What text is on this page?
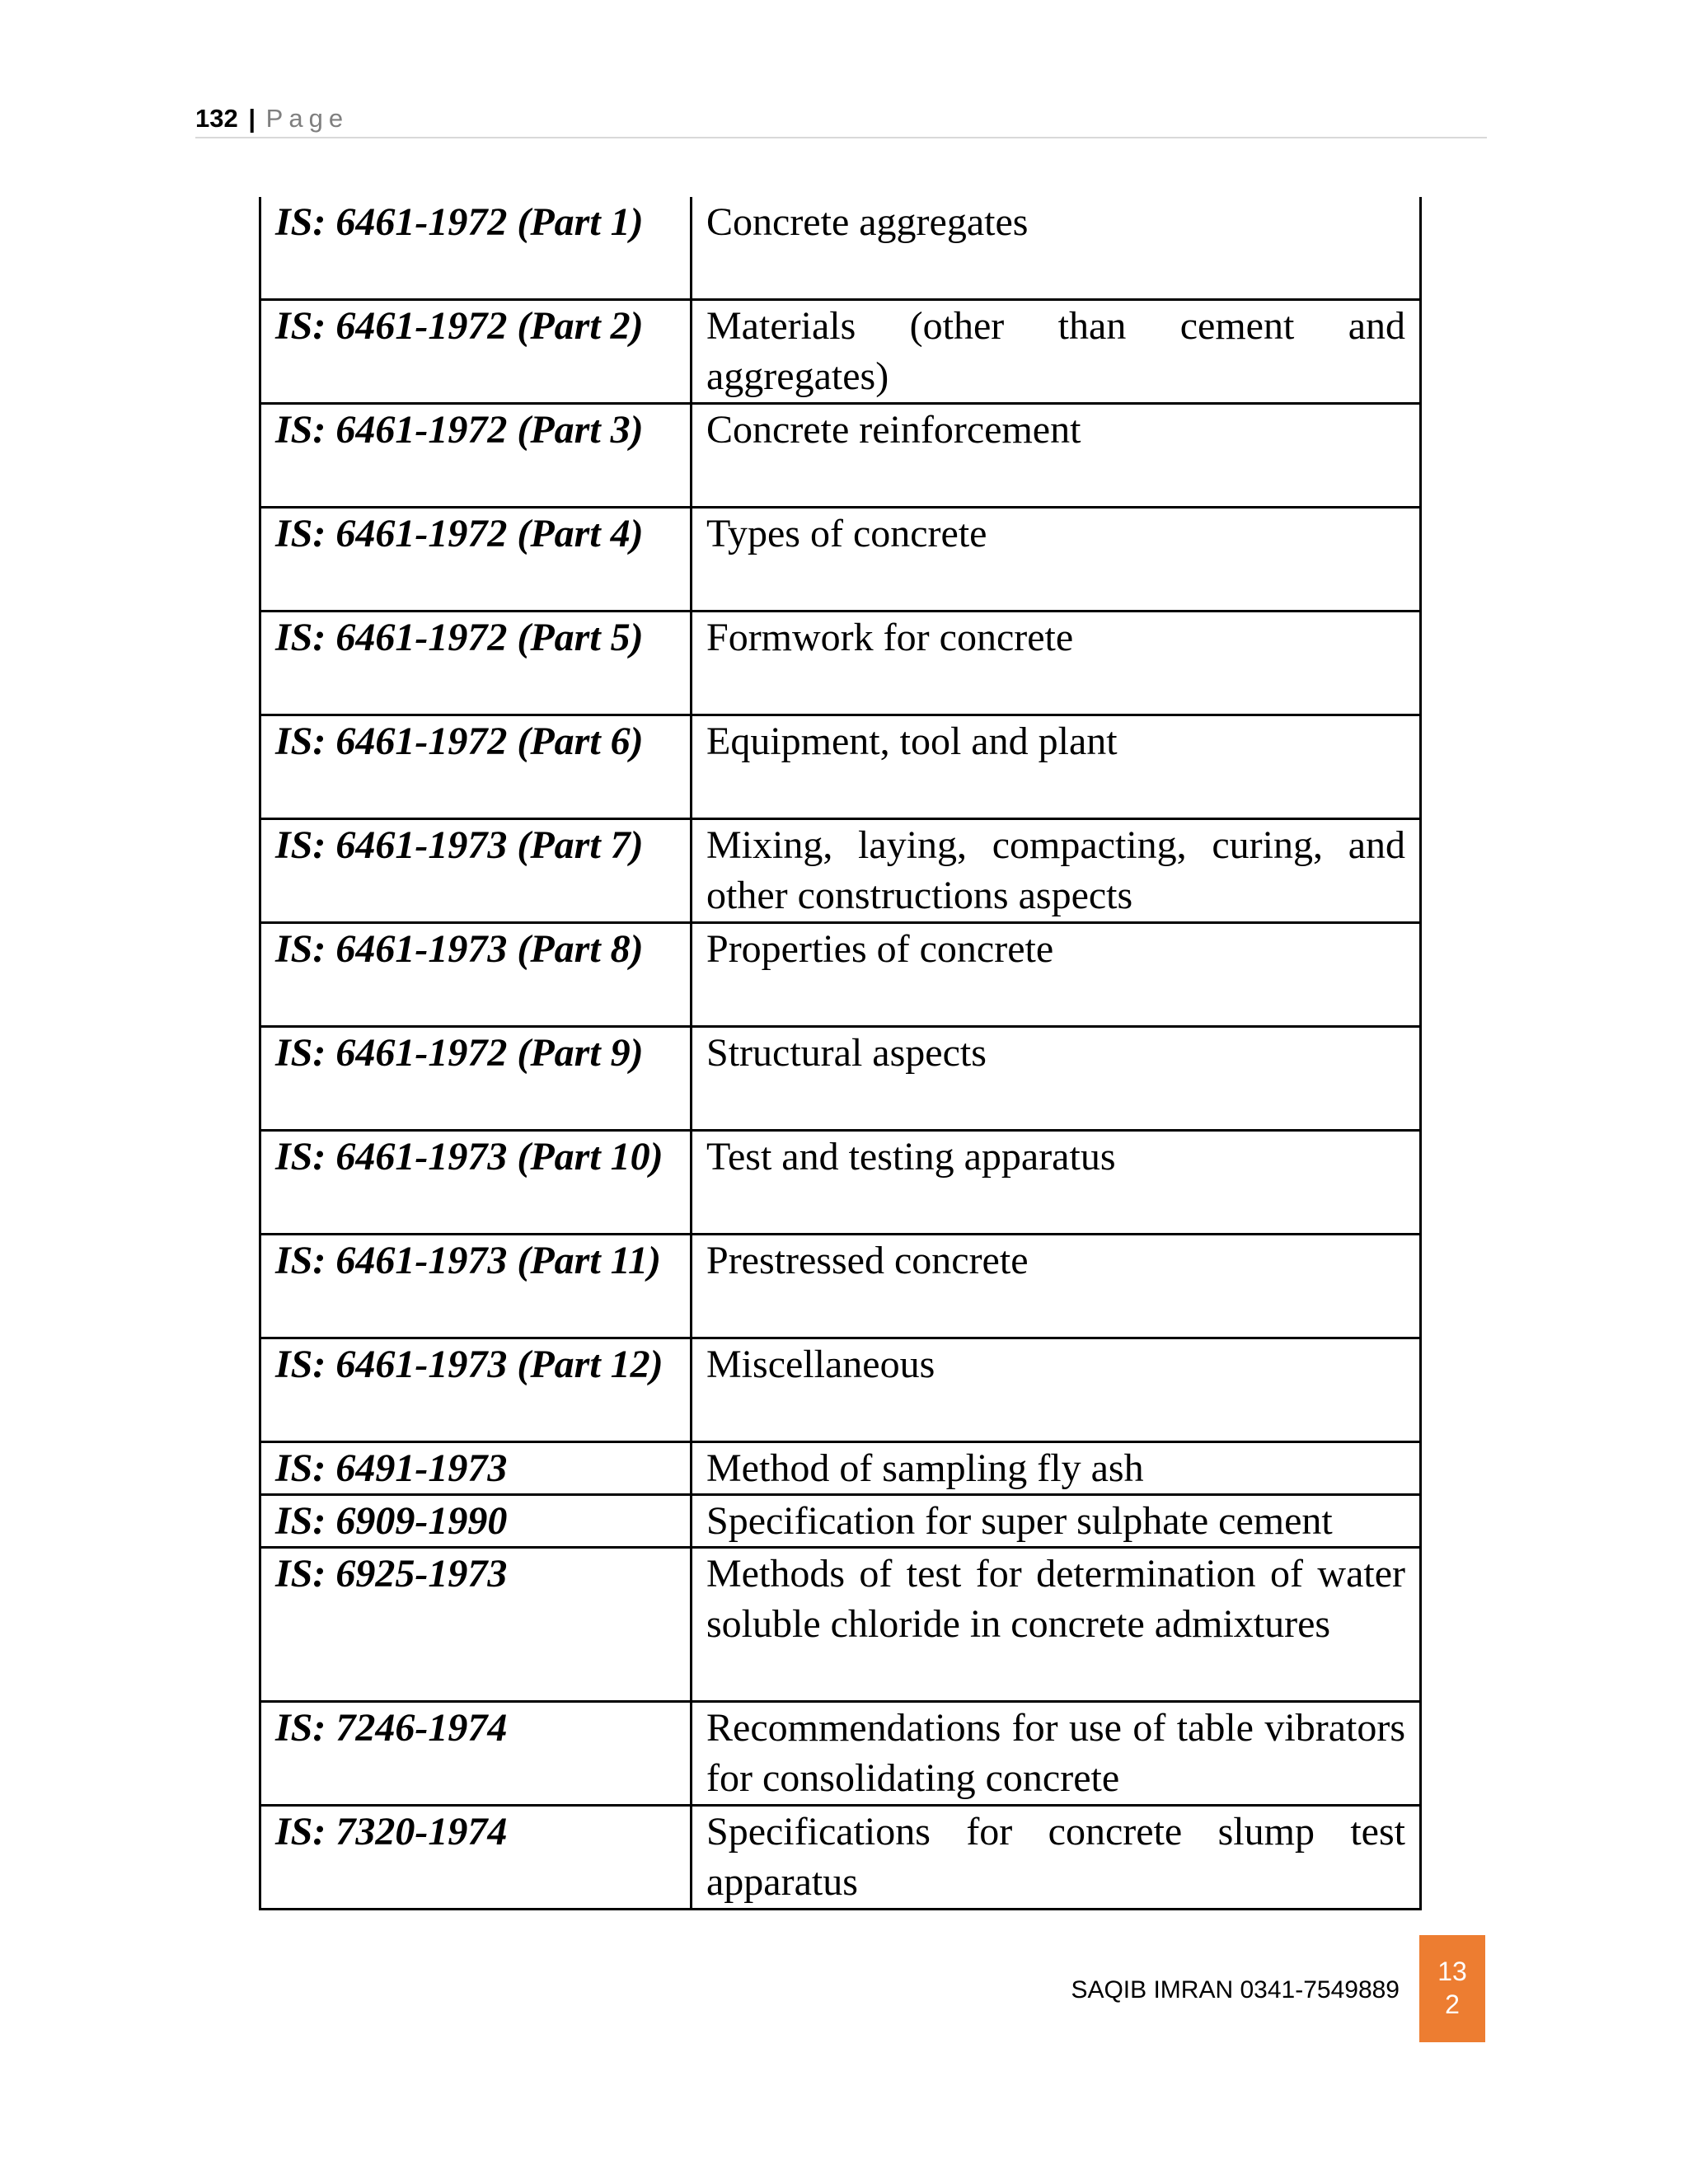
132 | Page
IS: 6461-1972 (Part 1)	Concrete aggregates
IS: 6461-1972 (Part 2)	Materials (other than cement and aggregates)
IS: 6461-1972 (Part 3)	Concrete reinforcement
IS: 6461-1972 (Part 4)	Types of concrete
IS: 6461-1972 (Part 5)	Formwork for concrete
IS: 6461-1972 (Part 6)	Equipment, tool and plant
IS: 6461-1973 (Part 7)	Mixing, laying, compacting, curing, and other constructions aspects
IS: 6461-1973 (Part 8)	Properties of concrete
IS: 6461-1972 (Part 9)	Structural aspects
IS: 6461-1973 (Part 10)	Test and testing apparatus
IS: 6461-1973 (Part 11)	Prestressed concrete
IS: 6461-1973 (Part 12)	Miscellaneous
IS: 6491-1973	Method of sampling fly ash
IS: 6909-1990	Specification for super sulphate cement
IS: 6925-1973	Methods of test for determination of water soluble chloride in concrete admixtures
IS: 7246-1974	Recommendations for use of table vibrators for consolidating concrete
IS: 7320-1974	Specifications for concrete slump test apparatus
SAQIB IMRAN 0341-7549889
13
2
